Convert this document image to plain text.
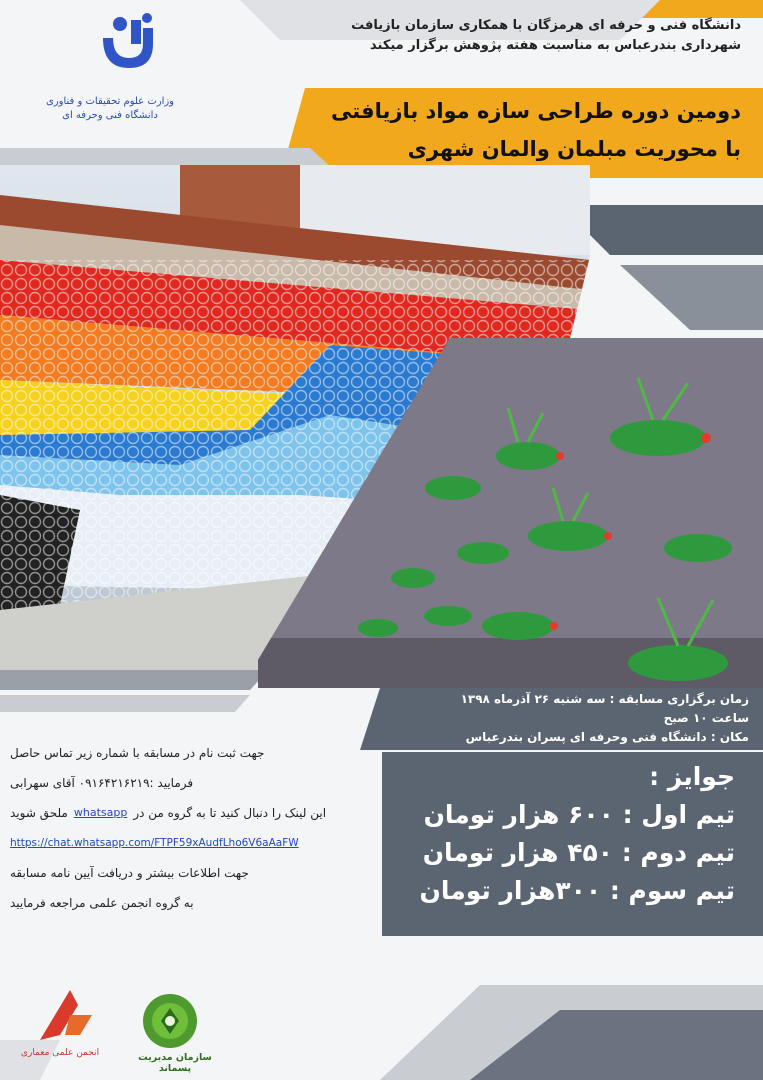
وزارت علوم تحقیقات و فناوری
دانشگاه فنی وحرفه ای
دانشگاه فنی و حرفه ای هرمزگان با همکاری سازمان بازیافت
شهرداری بندرعباس به مناسبت هفته پژوهش برگزار میکند
دومین دوره طراحی سازه مواد بازیافتی
با محوریت مبلمان والمان شهری
زمان برگزاری مسابقه : سه شنبه ۲۶ آذرماه ۱۳۹۸
ساعت ۱۰ صبح
مکان : دانشگاه فنی وحرفه ای پسران بندرعباس
جهت ثبت نام در مسابقه با شماره زیر تماس حاصل
فرمایید :۰۹۱۶۴۲۱۶۲۱۹ آقای سهرابی
این لینک را دنبال کنید تا به گروه من در
whatsapp
ملحق شوید
https://chat.whatsapp.com/FTPF59xAudfLho6V6aAaFW
جهت اطلاعات بیشتر و دریافت آیین نامه مسابقه
به گروه انجمن علمی مراجعه فرمایید
جوایز :
تیم اول : ۶۰۰ هزار تومان
تیم دوم : ۴۵۰ هزار تومان
تیم سوم : ۳۰۰هزار تومان
انجمن علمی معماری	سازمان مدیریت پسماند
